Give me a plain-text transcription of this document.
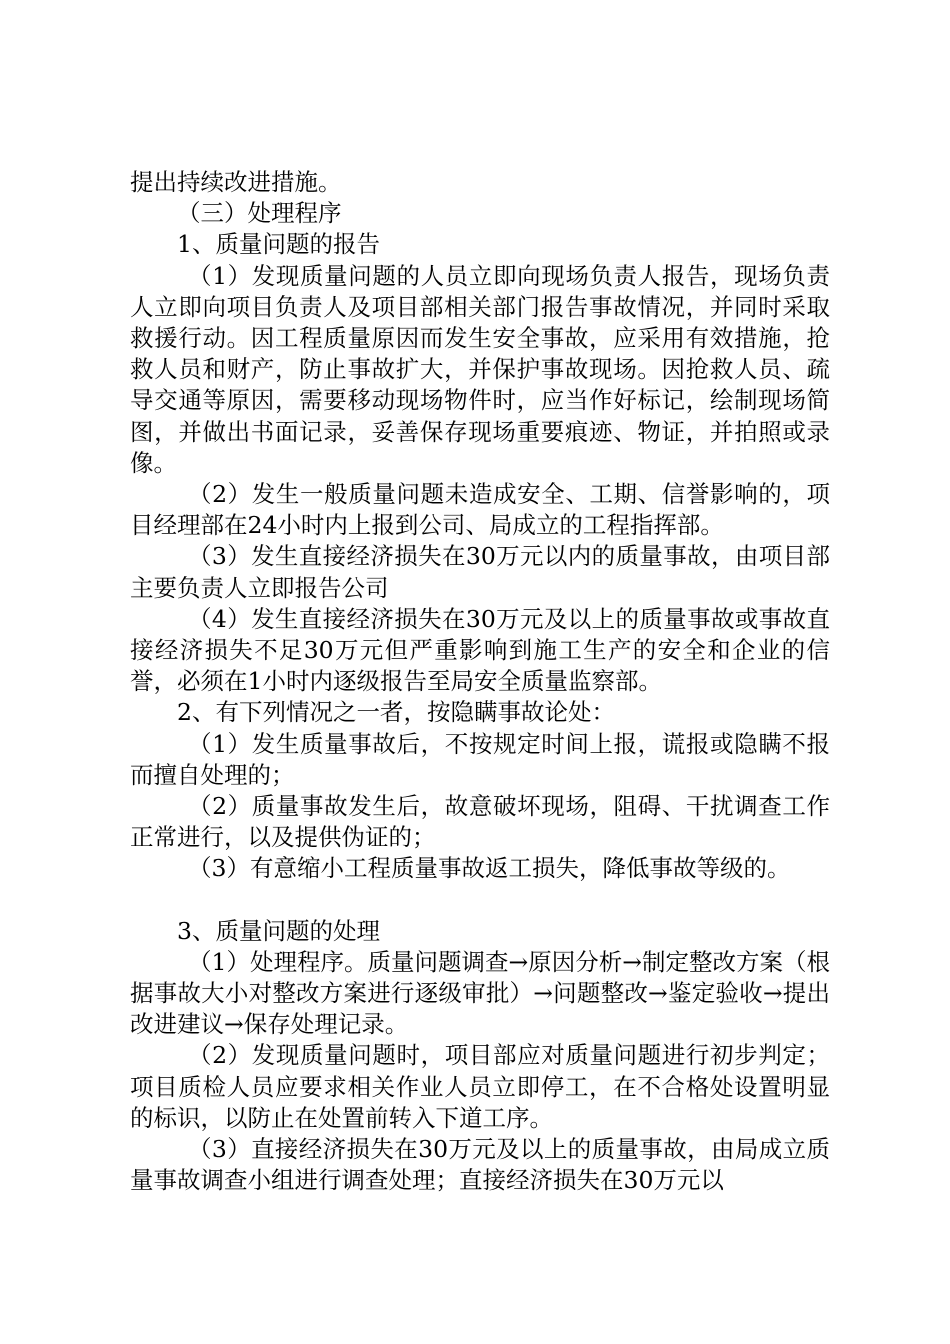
提出持续改进措施。

（三）处理程序

1、质量问题的报告

（1）发现质量问题的人员立即向现场负责人报告，现场负责人立即向项目负责人及项目部相关部门报告事故情况，并同时采取救援行动。因工程质量原因而发生安全事故，应采用有效措施，抢救人员和财产，防止事故扩大，并保护事故现场。因抢救人员、疏导交通等原因，需要移动现场物件时，应当作好标记，绘制现场简图，并做出书面记录，妥善保存现场重要痕迹、物证，并拍照或录像。

（2）发生一般质量问题未造成安全、工期、信誉影响的，项目经理部在24小时内上报到公司、局成立的工程指挥部。

（3）发生直接经济损失在30万元以内的质量事故，由项目部主要负责人立即报告公司

（4）发生直接经济损失在30万元及以上的质量事故或事故直接经济损失不足30万元但严重影响到施工生产的安全和企业的信誉，必须在1小时内逐级报告至局安全质量监察部。

2、有下列情况之一者，按隐瞒事故论处：

（1）发生质量事故后，不按规定时间上报，谎报或隐瞒不报而擅自处理的；

（2）质量事故发生后，故意破坏现场，阻碍、干扰调查工作正常进行，以及提供伪证的；

（3）有意缩小工程质量事故返工损失，降低事故等级的。

3、质量问题的处理

（1）处理程序。质量问题调查→原因分析→制定整改方案（根据事故大小对整改方案进行逐级审批）→问题整改→鉴定验收→提出改进建议→保存处理记录。

（2）发现质量问题时，项目部应对质量问题进行初步判定；项目质检人员应要求相关作业人员立即停工，在不合格处设置明显的标识，以防止在处置前转入下道工序。

（3）直接经济损失在30万元及以上的质量事故，由局成立质量事故调查小组进行调查处理；直接经济损失在30万元以
